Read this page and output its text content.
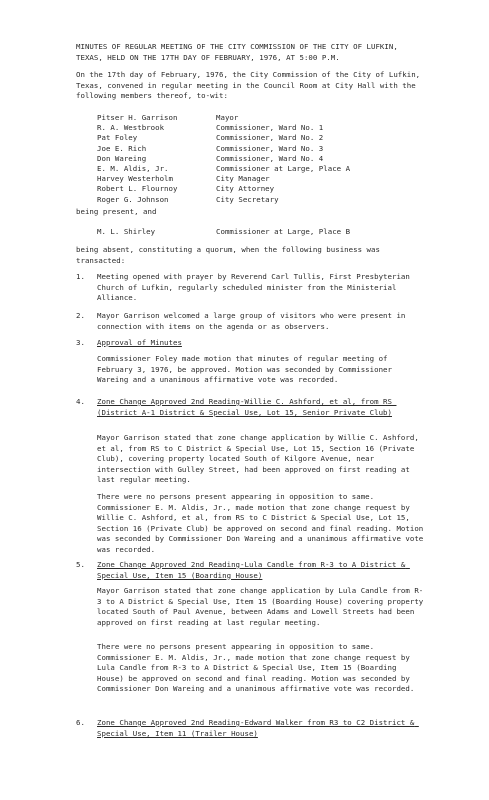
MINUTES OF REGULAR MEETING OF THE CITY COMMISSION OF THE CITY OF LUFKIN, TEXAS, HELD ON THE 17TH DAY OF FEBRUARY, 1976, AT 5:00 P.M.
On the 17th day of February, 1976, the City Commission of the City of Lufkin, Texas, convened in regular meeting in the Council Room at City Hall with the following members thereof, to-wit:
Pitser H. Garrison	Mayor
R. A. Westbrook	Commissioner, Ward No. 1
Pat Foley	Commissioner, Ward No. 2
Joe E. Rich	Commissioner, Ward No. 3
Don Wareing	Commissioner, Ward No. 4
E. M. Aldis, Jr.	Commissioner at Large, Place A
Harvey Westerholm	City Manager
Robert L. Flournoy	City Attorney
Roger G. Johnson	City Secretary
being present, and
M. L. Shirley	Commissioner at Large, Place B
being absent, constituting a quorum, when the following business was transacted:
1. Meeting opened with prayer by Reverend Carl Tullis, First Presbyterian Church of Lufkin, regularly scheduled minister from the Ministerial Alliance.
2. Mayor Garrison welcomed a large group of visitors who were present in connection with items on the agenda or as observers.
3. Approval of Minutes
Commissioner Foley made motion that minutes of regular meeting of February 3, 1976, be approved. Motion was seconded by Commissioner Wareing and a unanimous affirmative vote was recorded.
4. Zone Change Approved 2nd Reading-Willie C. Ashford, et al, from RS (District A-1 District & Special Use, Lot 15, Senior Private Club)
Mayor Garrison stated that zone change application by Willie C. Ashford, et al, from RS to C District & Special Use, Lot 15, Section 16 (Private Club), covering property located South of Kilgore Avenue, near intersection with Gulley Street, had been approved on first reading at last regular meeting.
There were no persons present appearing in opposition to same. Commissioner E. M. Aldis, Jr., made motion that zone change request by Willie C. Ashford, et al, from RS to C District & Special Use, Lot 15, Section 16 (Private Club) be approved on second and final reading. Motion was seconded by Commissioner Don Wareing and a unanimous affirmative vote was recorded.
5. Zone Change Approved 2nd Reading-Lula Candle from R-3 to A District & Special Use, Item 15 (Boarding House)
Mayor Garrison stated that zone change application by Lula Candle from R-3 to A District & Special Use, Item 15 (Boarding House) covering property located South of Paul Avenue, between Adams and Lowell Streets had been approved on first reading at last regular meeting.
There were no persons present appearing in opposition to same. Commissioner E. M. Aldis, Jr., made motion that zone change request by Lula Candle from R-3 to A District & Special Use, Item 15 (Boarding House) be approved on second and final reading. Motion was seconded by Commissioner Don Wareing and a unanimous affirmative vote was recorded.
6. Zone Change Approved 2nd Reading-Edward Walker from R3 to C2 District & Special Use, Item 11 (Trailer House)
